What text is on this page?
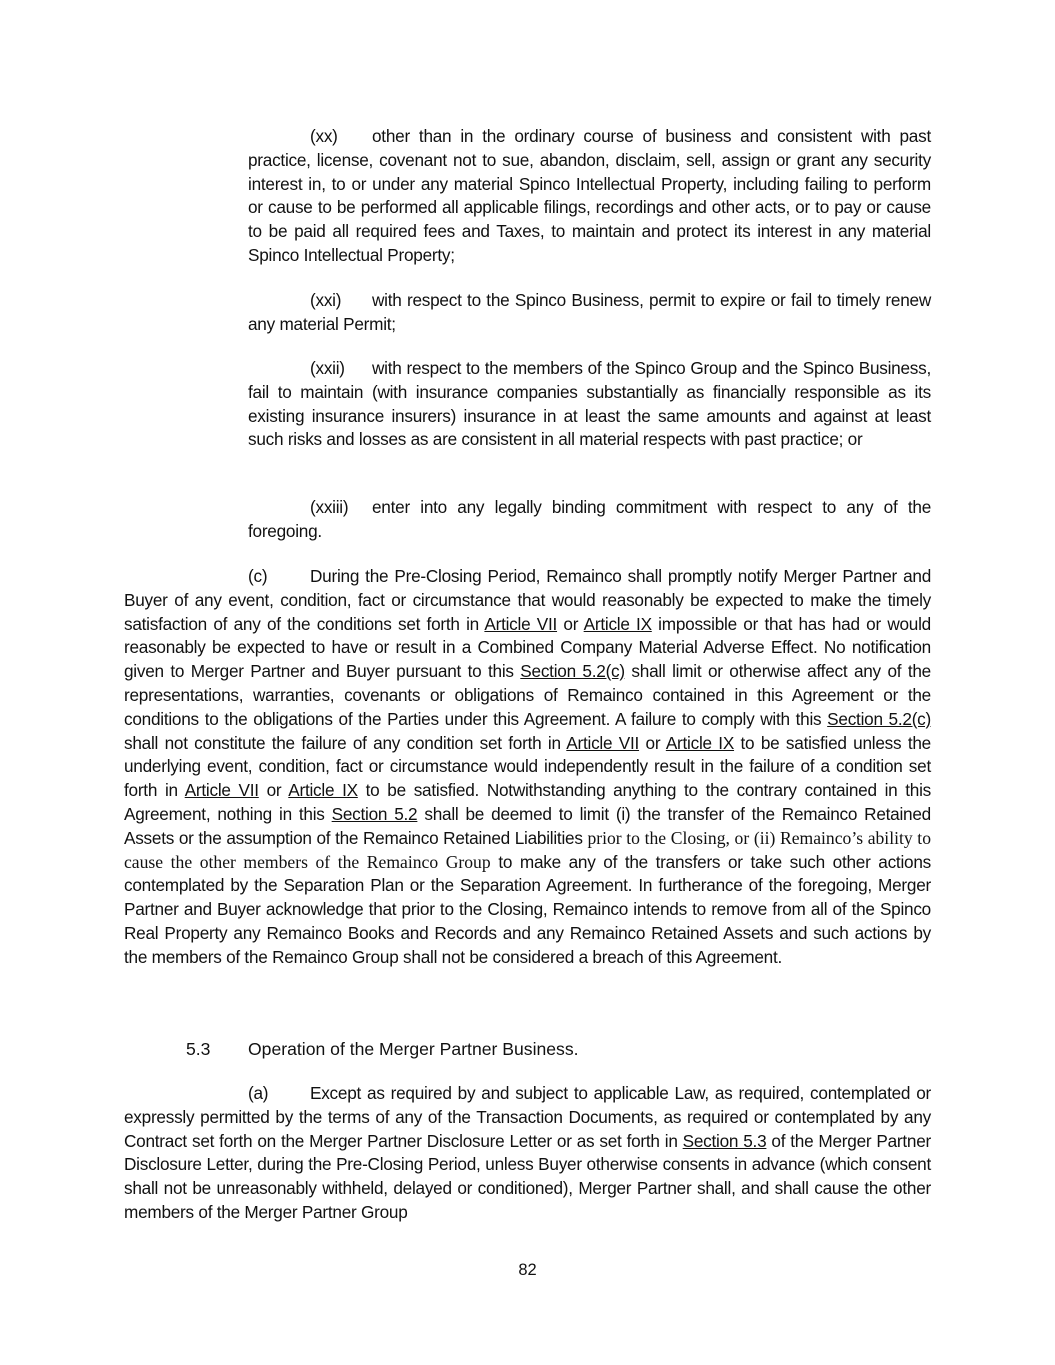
(xx) other than in the ordinary course of business and consistent with past practice, license, covenant not to sue, abandon, disclaim, sell, assign or grant any security interest in, to or under any material Spinco Intellectual Property, including failing to perform or cause to be performed all applicable filings, recordings and other acts, or to pay or cause to be paid all required fees and Taxes, to maintain and protect its interest in any material Spinco Intellectual Property;

(xxi) with respect to the Spinco Business, permit to expire or fail to timely renew any material Permit;

(xxii) with respect to the members of the Spinco Group and the Spinco Business, fail to maintain (with insurance companies substantially as financially responsible as its existing insurance insurers) insurance in at least the same amounts and against at least such risks and losses as are consistent in all material respects with past practice; or

(xxiii) enter into any legally binding commitment with respect to any of the foregoing.

(c) During the Pre-Closing Period, Remainco shall promptly notify Merger Partner and Buyer of any event, condition, fact or circumstance that would reasonably be expected to make the timely satisfaction of any of the conditions set forth in Article VII or Article IX impossible or that has had or would reasonably be expected to have or result in a Combined Company Material Adverse Effect. No notification given to Merger Partner and Buyer pursuant to this Section 5.2(c) shall limit or otherwise affect any of the representations, warranties, covenants or obligations of Remainco contained in this Agreement or the conditions to the obligations of the Parties under this Agreement. A failure to comply with this Section 5.2(c) shall not constitute the failure of any condition set forth in Article VII or Article IX to be satisfied unless the underlying event, condition, fact or circumstance would independently result in the failure of a condition set forth in Article VII or Article IX to be satisfied. Notwithstanding anything to the contrary contained in this Agreement, nothing in this Section 5.2 shall be deemed to limit (i) the transfer of the Remainco Retained Assets or the assumption of the Remainco Retained Liabilities prior to the Closing, or (ii) Remainco’s ability to cause the other members of the Remainco Group to make any of the transfers or take such other actions contemplated by the Separation Plan or the Separation Agreement. In furtherance of the foregoing, Merger Partner and Buyer acknowledge that prior to the Closing, Remainco intends to remove from all of the Spinco Real Property any Remainco Books and Records and any Remainco Retained Assets and such actions by the members of the Remainco Group shall not be considered a breach of this Agreement.

5.3 Operation of the Merger Partner Business.

(a) Except as required by and subject to applicable Law, as required, contemplated or expressly permitted by the terms of any of the Transaction Documents, as required or contemplated by any Contract set forth on the Merger Partner Disclosure Letter or as set forth in Section 5.3 of the Merger Partner Disclosure Letter, during the Pre-Closing Period, unless Buyer otherwise consents in advance (which consent shall not be unreasonably withheld, delayed or conditioned), Merger Partner shall, and shall cause the other members of the Merger Partner Group

82
